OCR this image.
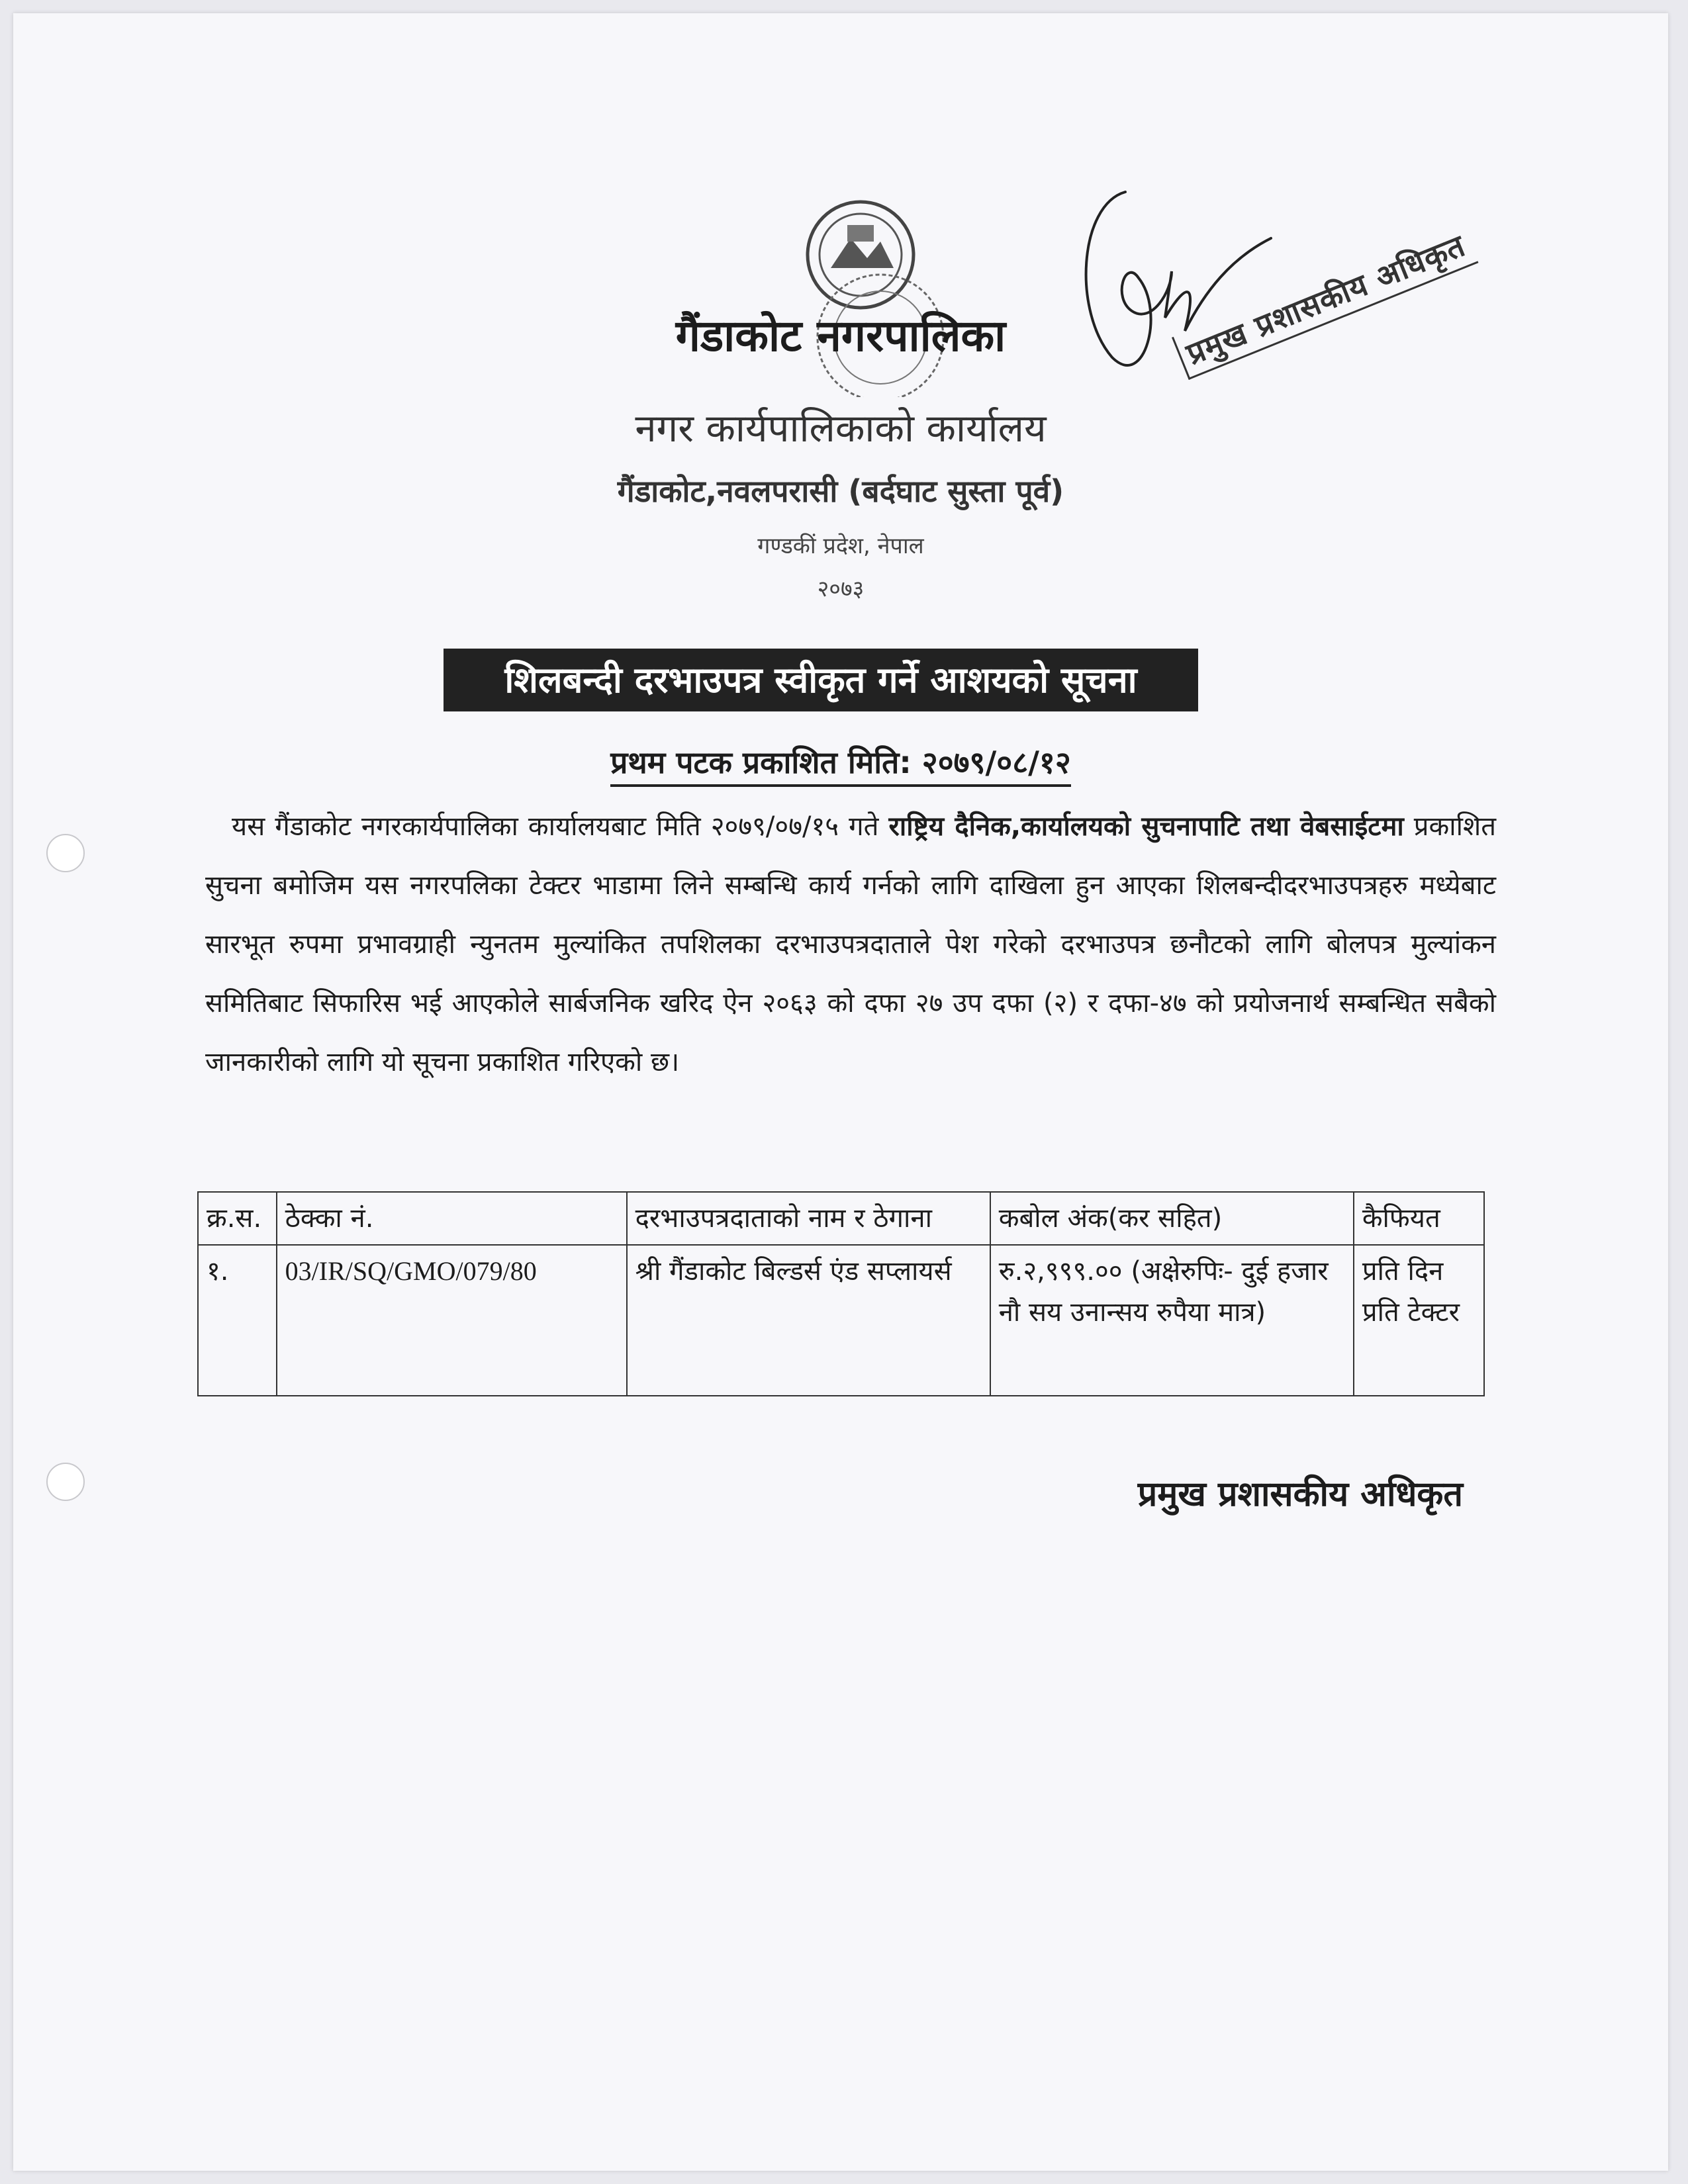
प्रमुख प्रशासकीय अधिकृत
गैंडाकोट नगरपालिका
नगर कार्यपालिकाको कार्यालय
गैंडाकोट,नवलपरासी (बर्दघाट सुस्ता पूर्व)
गण्डकीं प्रदेश, नेपाल
२०७३
शिलबन्दी दरभाउपत्र स्वीकृत गर्ने आशयको सूचना
प्रथम पटक प्रकाशित मिति: २०७९/०८/१२

यस गैंडाकोट नगरकार्यपालिका कार्यालयबाट मिति २०७९/०७/१५ गते राष्ट्रिय दैनिक,कार्यालयको सुचनापाटि तथा वेबसाईटमा प्रकाशित सुचना बमोजिम यस नगरपलिका टेक्टर भाडामा लिने सम्बन्धि कार्य गर्नको लागि दाखिला हुन आएका शिलबन्दीदरभाउपत्रहरु मध्येबाट सारभूत रुपमा प्रभावग्राही न्युनतम मुल्यांकित तपशिलका दरभाउपत्रदाताले पेश गरेको दरभाउपत्र छनौटको लागि बोलपत्र मुल्यांकन समितिबाट सिफारिस भई आएकोले सार्बजनिक खरिद ऐन २०६३ को दफा २७ उप दफा (२) र दफा-४७ को प्रयोजनार्थ सम्बन्धित सबैको जानकारीको लागि यो सूचना प्रकाशित गरिएको छ।

क्र.स.	ठेक्का नं.	दरभाउपत्रदाताको नाम र ठेगाना	कबोल अंक(कर सहित)	कैफियत
१.	03/IR/SQ/GMO/079/80	श्री गैंडाकोट बिल्डर्स एंड सप्लायर्स	रु.२,९९९.०० (अक्षेरुपिः- दुई हजार नौ सय उनान्सय रुपैया मात्र)	प्रति दिन प्रति टेक्टर
प्रमुख प्रशासकीय अधिकृत
